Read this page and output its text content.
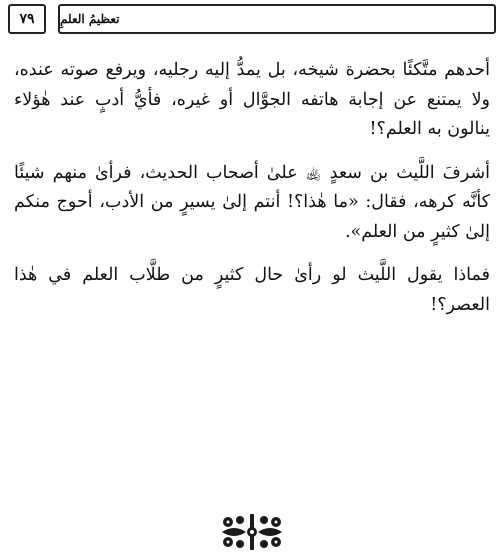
٧٩ تعظيمُ العلمِ

أحدهم متَّكئًا بحضرة شيخه، بل يمدُّ إليه رجليه، ويرفع صوته عنده، ولا يمتنع عن إجابة هاتفه الجوَّال أو غيره، فأيُّ أدبٍ عند هٰؤلاء ينالون به العلم؟!

أشرفَ اللَّيث بن سعدٍ ﵀ علىٰ أصحاب الحديث، فرأىٰ منهم شيئًا كأنَّه كرهه، فقال: «ما هٰذا؟! أنتم إلىٰ يسيرٍ من الأدب، أحوج منكم إلىٰ كثيرٍ من العلم».

فماذا يقول اللَّيث لو رأىٰ حال كثيرٍ من طلَّاب العلم في هٰذا العصر؟!
